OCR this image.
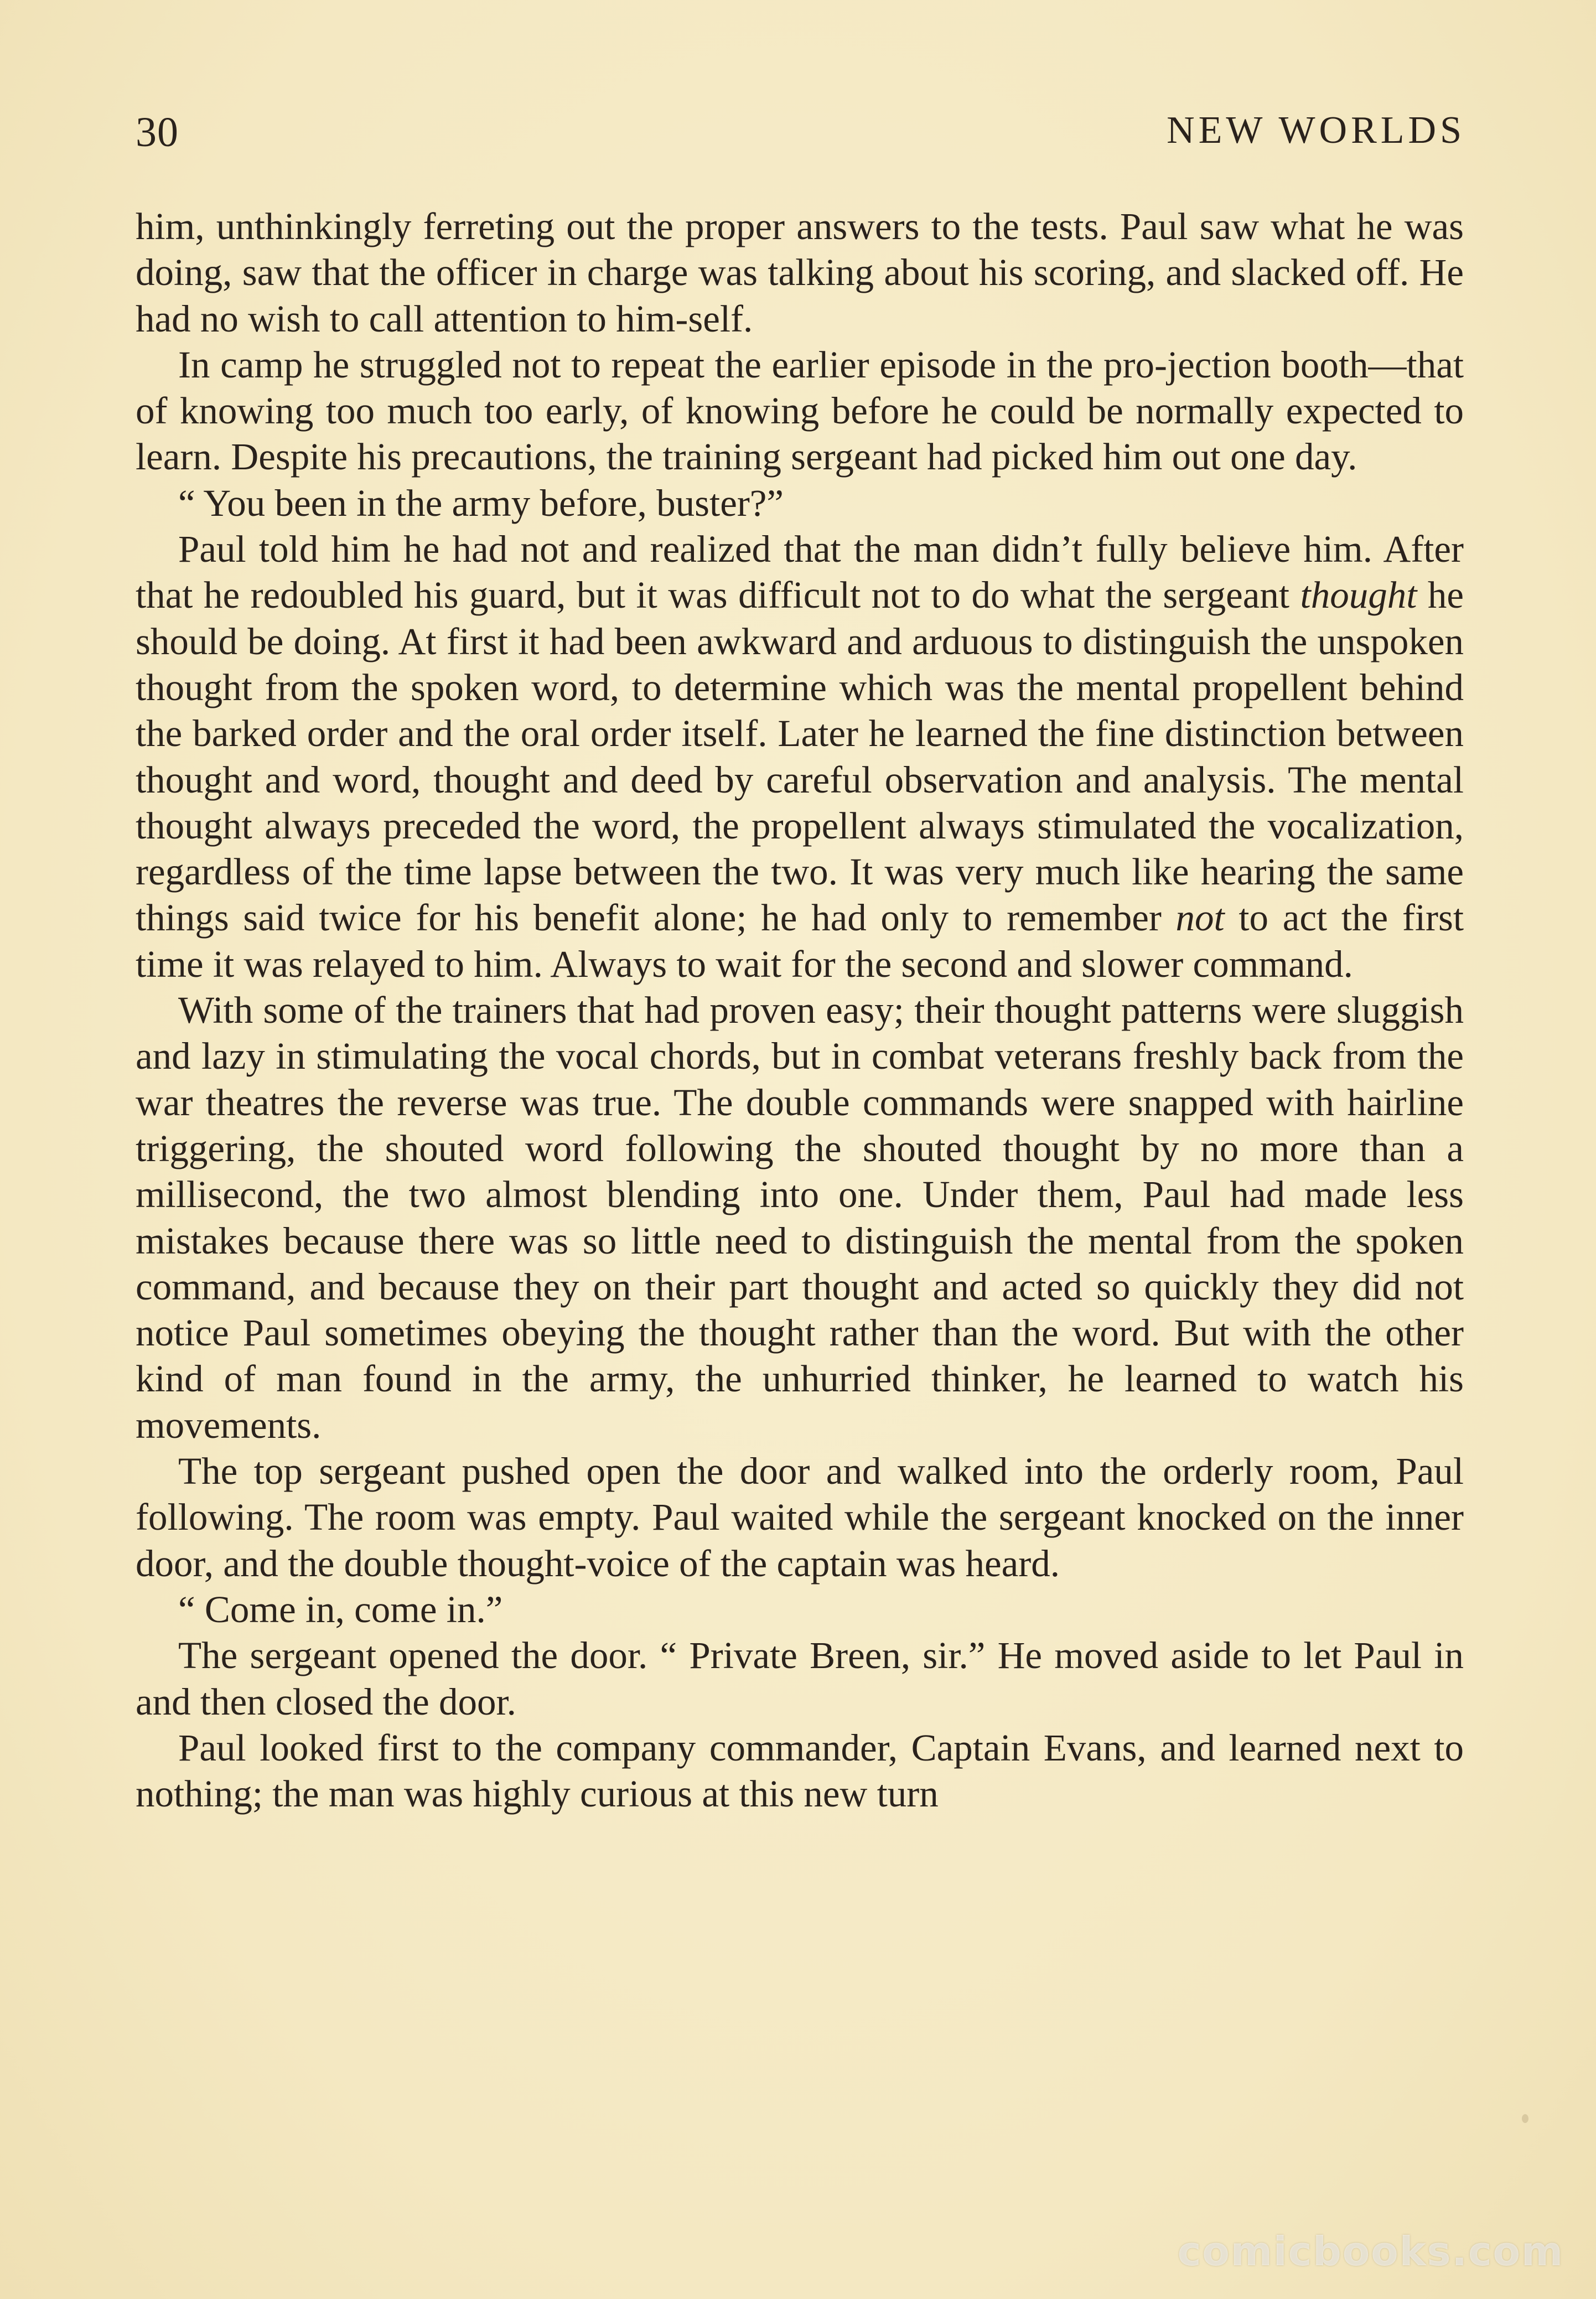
30	NEW WORLDS

him, unthinkingly ferreting out the proper answers to the tests. Paul saw what he was doing, saw that the officer in charge was talking about his scoring, and slacked off. He had no wish to call attention to him-self.

In camp he struggled not to repeat the earlier episode in the pro-jection booth—that of knowing too much too early, of knowing before he could be normally expected to learn. Despite his precautions, the training sergeant had picked him out one day.

“ You been in the army before, buster?”

Paul told him he had not and realized that the man didn’t fully believe him. After that he redoubled his guard, but it was difficult not to do what the sergeant thought he should be doing. At first it had been awkward and arduous to distinguish the unspoken thought from the spoken word, to determine which was the mental propellent behind the barked order and the oral order itself. Later he learned the fine distinction between thought and word, thought and deed by careful observation and analysis. The mental thought always preceded the word, the propellent always stimulated the vocalization, regardless of the time lapse between the two. It was very much like hearing the same things said twice for his benefit alone; he had only to remember not to act the first time it was relayed to him. Always to wait for the second and slower command.

With some of the trainers that had proven easy; their thought patterns were sluggish and lazy in stimulating the vocal chords, but in combat veterans freshly back from the war theatres the reverse was true. The double commands were snapped with hairline triggering, the shouted word following the shouted thought by no more than a millisecond, the two almost blending into one. Under them, Paul had made less mistakes because there was so little need to distinguish the mental from the spoken command, and because they on their part thought and acted so quickly they did not notice Paul sometimes obeying the thought rather than the word. But with the other kind of man found in the army, the unhurried thinker, he learned to watch his movements.

The top sergeant pushed open the door and walked into the orderly room, Paul following. The room was empty. Paul waited while the sergeant knocked on the inner door, and the double thought-voice of the captain was heard.

“ Come in, come in.”

The sergeant opened the door. “ Private Breen, sir.” He moved aside to let Paul in and then closed the door.

Paul looked first to the company commander, Captain Evans, and learned next to nothing; the man was highly curious at this new turn

comicbooks.com
